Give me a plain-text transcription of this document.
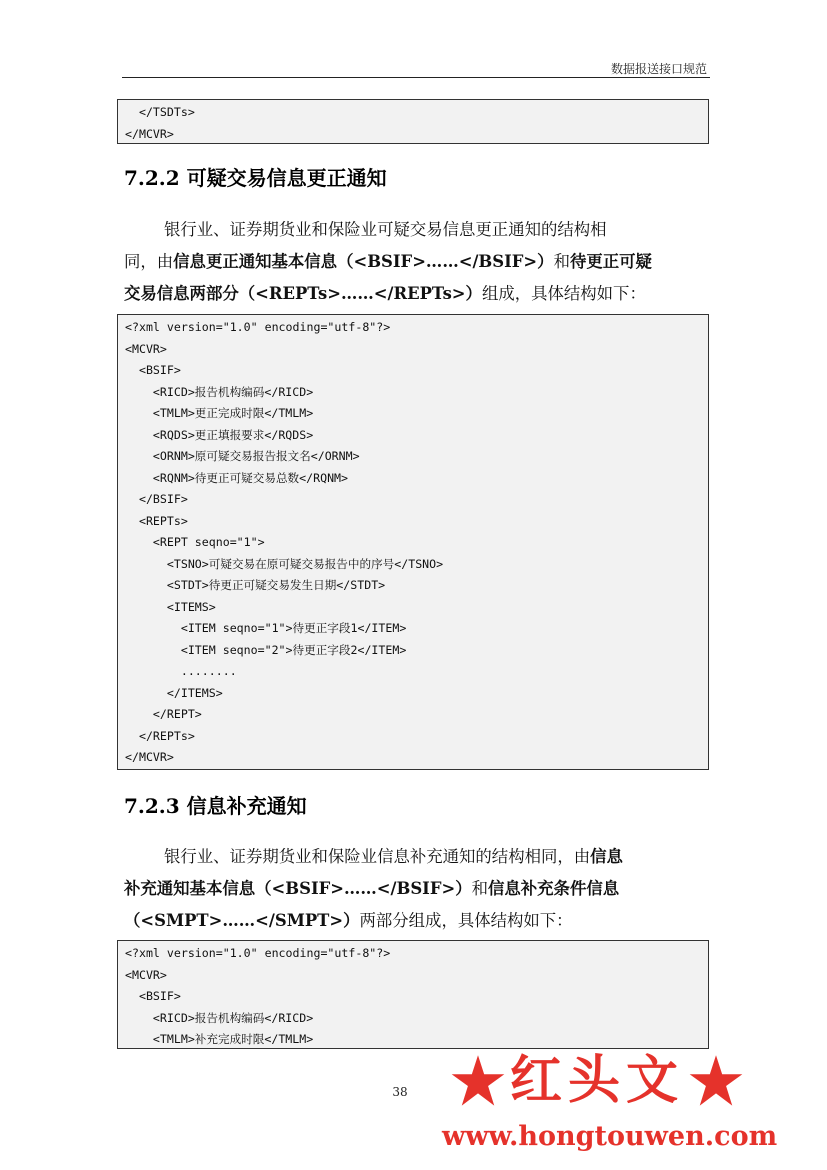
数据报送接口规范
</TSDTs>
</MCVR>
7.2.2 可疑交易信息更正通知
银行业、证券期货业和保险业可疑交易信息更正通知的结构相
同，由信息更正通知基本信息（<BSIF>……</BSIF>）和待更正可疑
交易信息两部分（<REPTs>……</REPTs>）组成，具体结构如下：
<?xml version="1.0" encoding="utf-8"?>
<MCVR>
<BSIF>
<RICD>报告机构编码</RICD>
<TMLM>更正完成时限</TMLM>
<RQDS>更正填报要求</RQDS>
<ORNM>原可疑交易报告报文名</ORNM>
<RQNM>待更正可疑交易总数</RQNM>
</BSIF>
<REPTs>
<REPT seqno="1">
<TSNO>可疑交易在原可疑交易报告中的序号</TSNO>
<STDT>待更正可疑交易发生日期</STDT>
<ITEMS>
<ITEM seqno="1">待更正字段1</ITEM>
<ITEM seqno="2">待更正字段2</ITEM>
........
</ITEMS>
</REPT>
</REPTs>
</MCVR>
7.2.3 信息补充通知
银行业、证券期货业和保险业信息补充通知的结构相同，由信息
补充通知基本信息（<BSIF>……</BSIF>）和信息补充条件信息
（<SMPT>……</SMPT>）两部分组成，具体结构如下：
<?xml version="1.0" encoding="utf-8"?>
<MCVR>
<BSIF>
<RICD>报告机构编码</RICD>
<TMLM>补充完成时限</TMLM>
38	红头文
www.hongtouwen.com
